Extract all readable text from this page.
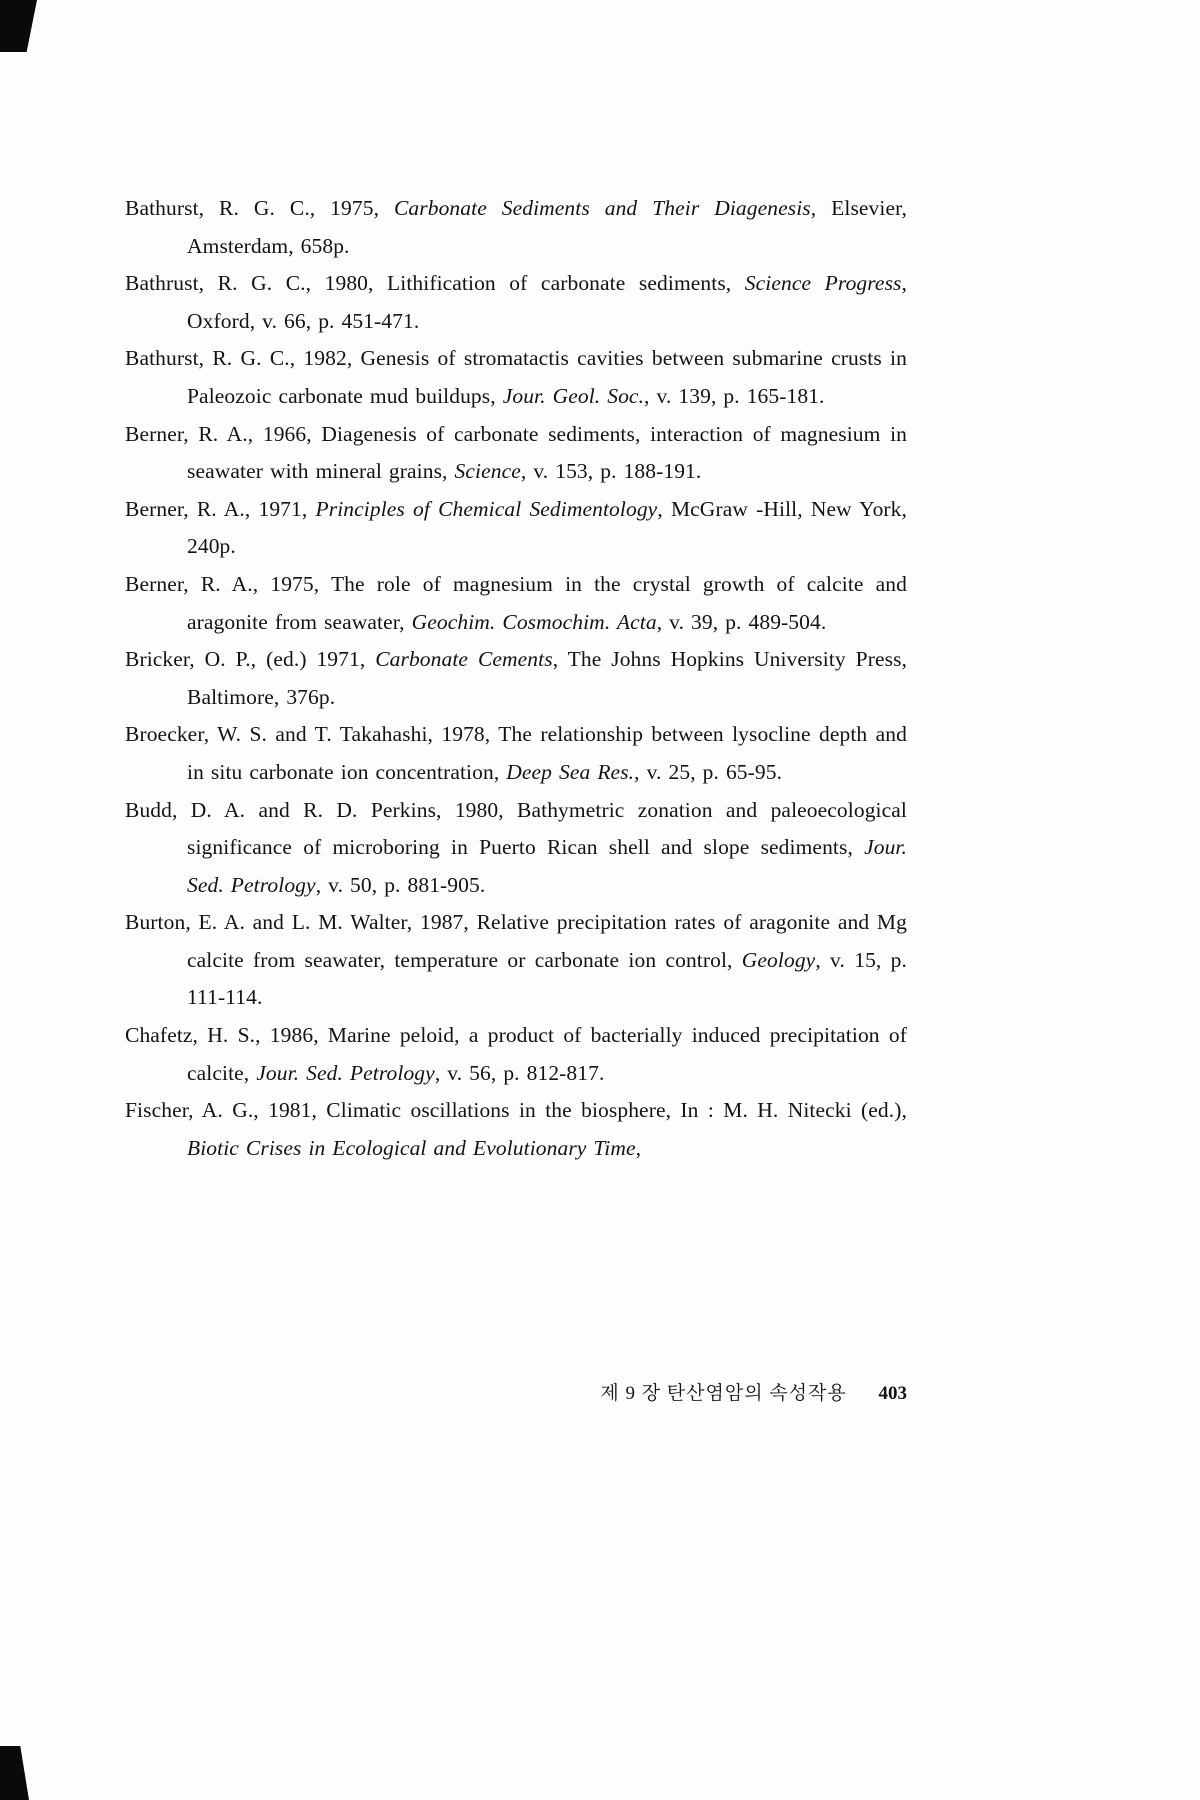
Bathurst, R. G. C., 1975, Carbonate Sediments and Their Diagenesis, Elsevier, Amsterdam, 658p.

Bathrust, R. G. C., 1980, Lithification of carbonate sediments, Science Progress, Oxford, v. 66, p. 451-471.

Bathurst, R. G. C., 1982, Genesis of stromatactis cavities between submarine crusts in Paleozoic carbonate mud buildups, Jour. Geol. Soc., v. 139, p. 165-181.

Berner, R. A., 1966, Diagenesis of carbonate sediments, interaction of magnesium in seawater with mineral grains, Science, v. 153, p. 188-191.

Berner, R. A., 1971, Principles of Chemical Sedimentology, McGraw -Hill, New York, 240p.

Berner, R. A., 1975, The role of magnesium in the crystal growth of calcite and aragonite from seawater, Geochim. Cosmochim. Acta, v. 39, p. 489-504.

Bricker, O. P., (ed.) 1971, Carbonate Cements, The Johns Hopkins University Press, Baltimore, 376p.

Broecker, W. S. and T. Takahashi, 1978, The relationship between lysocline depth and in situ carbonate ion concentration, Deep Sea Res., v. 25, p. 65-95.

Budd, D. A. and R. D. Perkins, 1980, Bathymetric zonation and paleoecological significance of microboring in Puerto Rican shell and slope sediments, Jour. Sed. Petrology, v. 50, p. 881-905.

Burton, E. A. and L. M. Walter, 1987, Relative precipitation rates of aragonite and Mg calcite from seawater, temperature or carbonate ion control, Geology, v. 15, p. 111-114.

Chafetz, H. S., 1986, Marine peloid, a product of bacterially induced precipitation of calcite, Jour. Sed. Petrology, v. 56, p. 812-817.

Fischer, A. G., 1981, Climatic oscillations in the biosphere, In : M. H. Nitecki (ed.), Biotic Crises in Ecological and Evolutionary Time,

제 9 장 탄산염암의 속성작용 403
